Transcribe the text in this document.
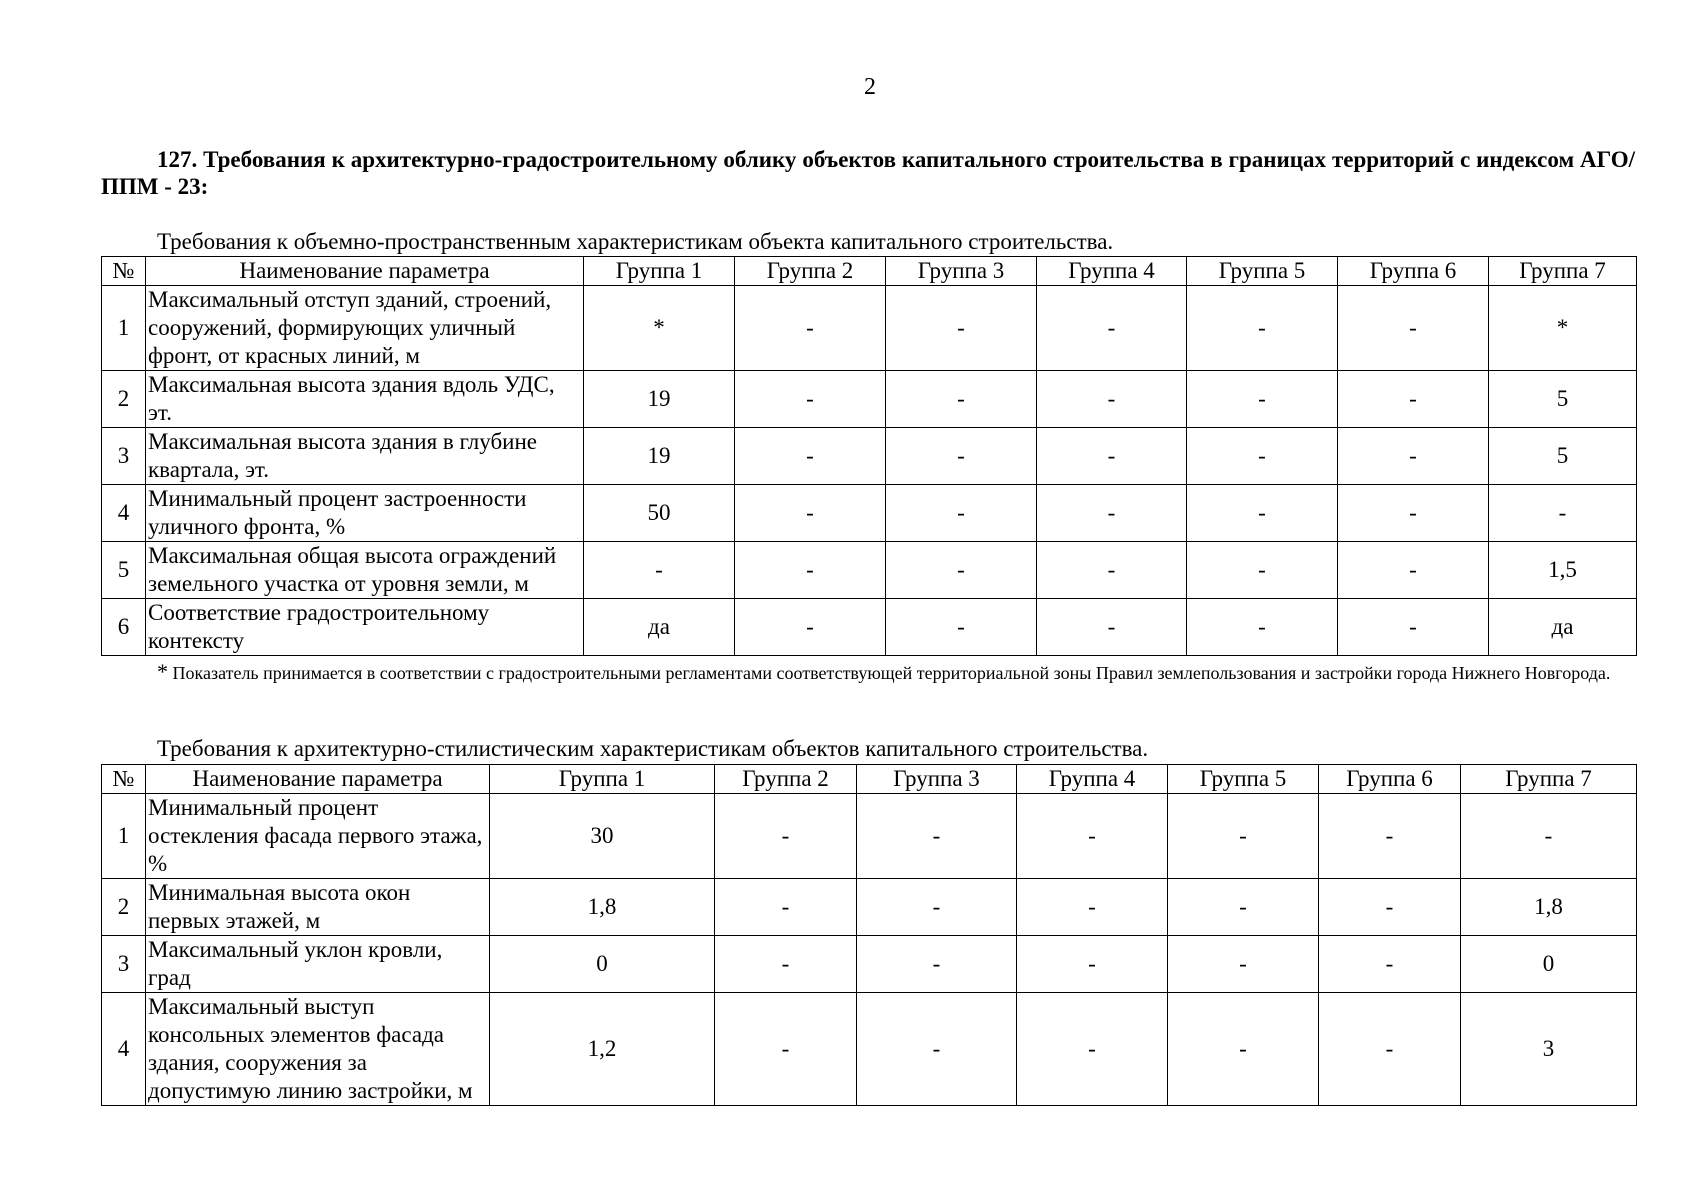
2

127. Требования к архитектурно-градостроительному облику объектов капитального строительства в границах территорий с индексом АГО/ППМ - 23:

Требования к объемно-пространственным характеристикам объекта капитального строительства.
№	Наименование параметра	Группа 1	Группа 2	Группа 3	Группа 4	Группа 5	Группа 6	Группа 7
1	Максимальный отступ зданий, строений, сооружений, формирующих уличный фронт, от красных линий, м	*	-	-	-	-	-	*
2	Максимальная высота здания вдоль УДС, эт.	19	-	-	-	-	-	5
3	Максимальная высота здания в глубине квартала, эт.	19	-	-	-	-	-	5
4	Минимальный процент застроенности уличного фронта, %	50	-	-	-	-	-	-
5	Максимальная общая высота ограждений земельного участка от уровня земли, м	-	-	-	-	-	-	1,5
6	Соответствие градостроительному контексту	да	-	-	-	-	-	да

* Показатель принимается в соответствии с градостроительными регламентами соответствующей территориальной зоны Правил землепользования и застройки города Нижнего Новгорода.

Требования к архитектурно-стилистическим характеристикам объектов капитального строительства.
№	Наименование параметра	Группа 1	Группа 2	Группа 3	Группа 4	Группа 5	Группа 6	Группа 7
1	Минимальный процент остекления фасада первого этажа, %	30	-	-	-	-	-	-
2	Минимальная высота окон первых этажей, м	1,8	-	-	-	-	-	1,8
3	Максимальный уклон кровли, град	0	-	-	-	-	-	0
4	Максимальный выступ консольных элементов фасада здания, сооружения за допустимую линию застройки, м	1,2	-	-	-	-	-	3
